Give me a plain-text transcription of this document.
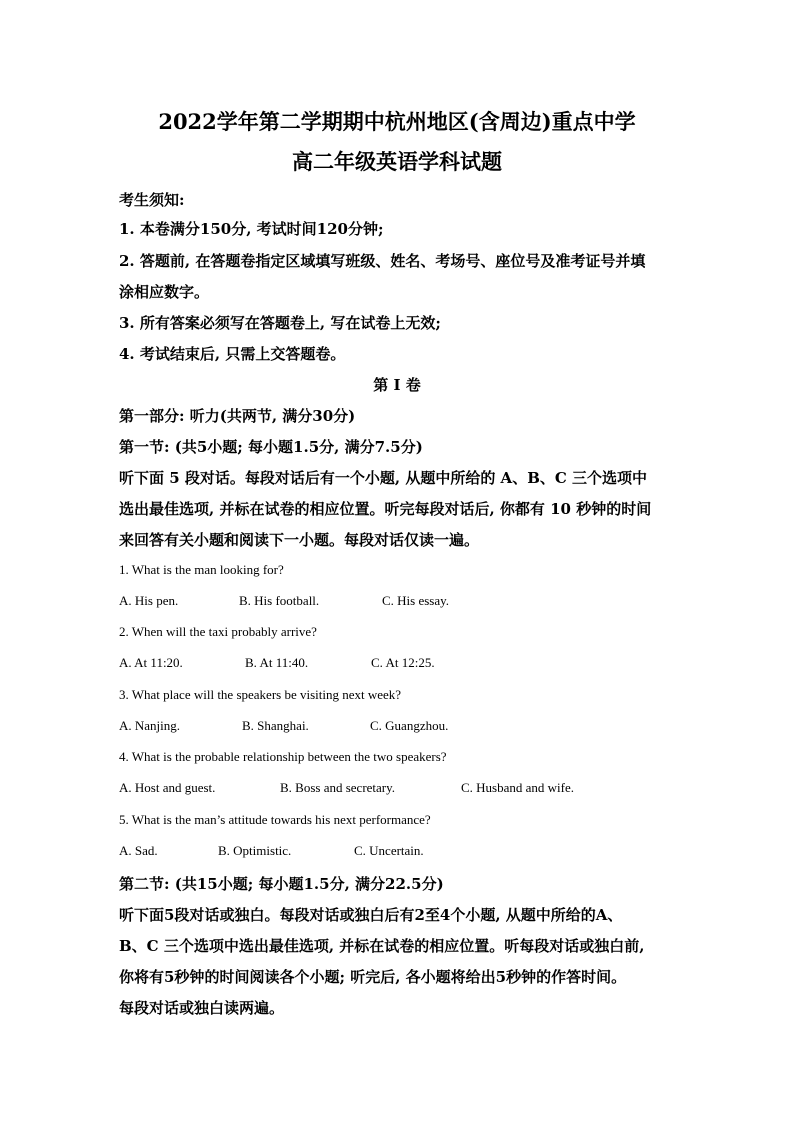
2022学年第二学期期中杭州地区(含周边)重点中学
高二年级英语学科试题
考生须知:
1. 本卷满分150分, 考试时间120分钟;
2. 答题前, 在答题卷指定区域填写班级、姓名、考场号、座位号及准考证号并填
涂相应数字。
3. 所有答案必须写在答题卷上, 写在试卷上无效;
4. 考试结束后, 只需上交答题卷。
第 I 卷
第一部分: 听力(共两节, 满分30分)
第一节: (共5小题; 每小题1.5分, 满分7.5分)
听下面 5 段对话。每段对话后有一个小题, 从题中所给的 A、B、C 三个选项中
选出最佳选项, 并标在试卷的相应位置。听完每段对话后, 你都有 10 秒钟的时间
来回答有关小题和阅读下一小题。每段对话仅读一遍。
1. What is the man looking for?
A. His pen.	B. His football.	C. His essay.
2. When will the taxi probably arrive?
A. At 11:20.	B. At 11:40.	C. At 12:25.
3. What place will the speakers be visiting next week?
A. Nanjing.	B. Shanghai.	C. Guangzhou.
4. What is the probable relationship between the two speakers?
A. Host and guest.	B. Boss and secretary.	C. Husband and wife.
5. What is the man’s attitude towards his next performance?
A. Sad.	B. Optimistic.	C. Uncertain.
第二节: (共15小题; 每小题1.5分, 满分22.5分)
听下面5段对话或独白。每段对话或独白后有2至4个小题, 从题中所给的A、
B、C 三个选项中选出最佳选项, 并标在试卷的相应位置。听每段对话或独白前,
你将有5秒钟的时间阅读各个小题; 听完后, 各小题将给出5秒钟的作答时间。
每段对话或独白读两遍。
